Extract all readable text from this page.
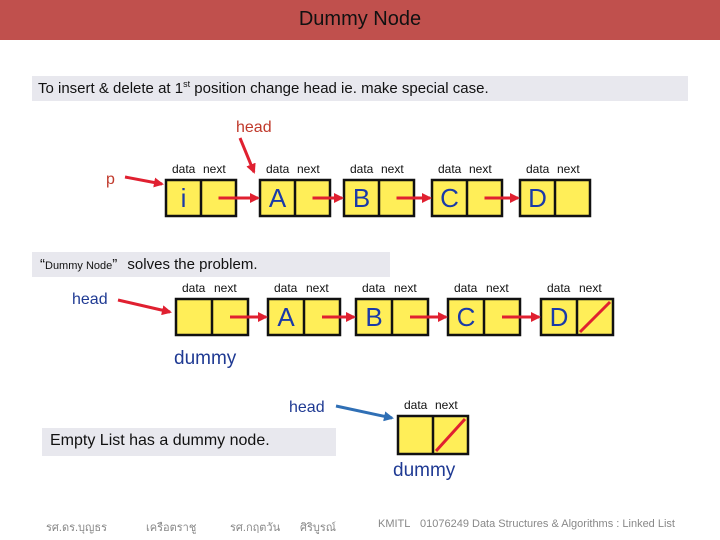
Dummy Node
To insert & delete at 1st position change head ie. make special case.
“Dummy Node” solves the problem.
Empty List has a dummy node.
p
head
data next
i
data next
A
data next
B
data next
C
data next
D
head
data next	data next
A
data next
B
data next
C
data next
D
dummy
head	data next
dummy
รศ.ดร.บุญธร	เครือตราชู	รศ.กฤตวัน ศิริบูรณ์	KMITL 01076249 Data Structures & Algorithms : Linked List
